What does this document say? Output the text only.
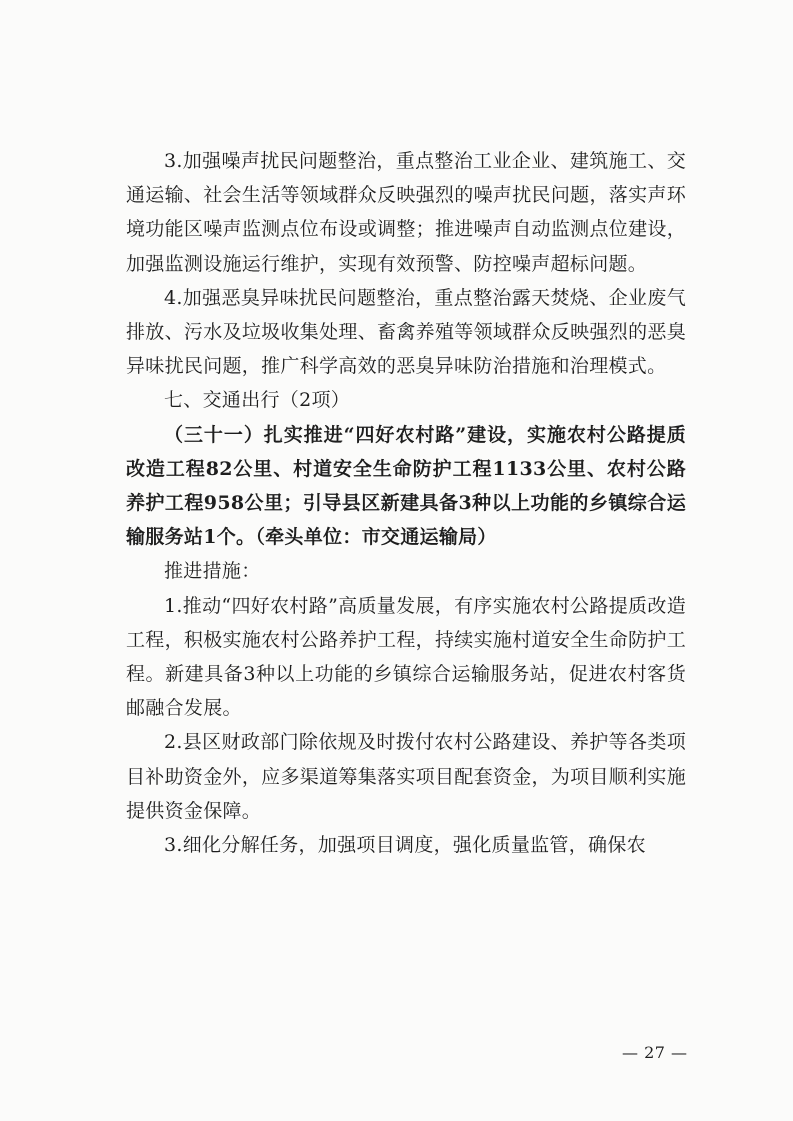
3.加强噪声扰民问题整治，重点整治工业企业、建筑施工、交通运输、社会生活等领域群众反映强烈的噪声扰民问题，落实声环境功能区噪声监测点位布设或调整；推进噪声自动监测点位建设，加强监测设施运行维护，实现有效预警、防控噪声超标问题。

4.加强恶臭异味扰民问题整治，重点整治露天焚烧、企业废气排放、污水及垃圾收集处理、畜禽养殖等领域群众反映强烈的恶臭异味扰民问题，推广科学高效的恶臭异味防治措施和治理模式。

七、交通出行（2项）

（三十一）扎实推进“四好农村路”建设，实施农村公路提质改造工程82公里、村道安全生命防护工程1133公里、农村公路养护工程958公里；引导县区新建具备3种以上功能的乡镇综合运输服务站1个。（牵头单位：市交通运输局）

推进措施：

1.推动“四好农村路”高质量发展，有序实施农村公路提质改造工程，积极实施农村公路养护工程，持续实施村道安全生命防护工程。新建具备3种以上功能的乡镇综合运输服务站，促进农村客货邮融合发展。

2.县区财政部门除依规及时拨付农村公路建设、养护等各类项目补助资金外，应多渠道筹集落实项目配套资金，为项目顺利实施提供资金保障。

3.细化分解任务，加强项目调度，强化质量监管，确保农

— 27 —
